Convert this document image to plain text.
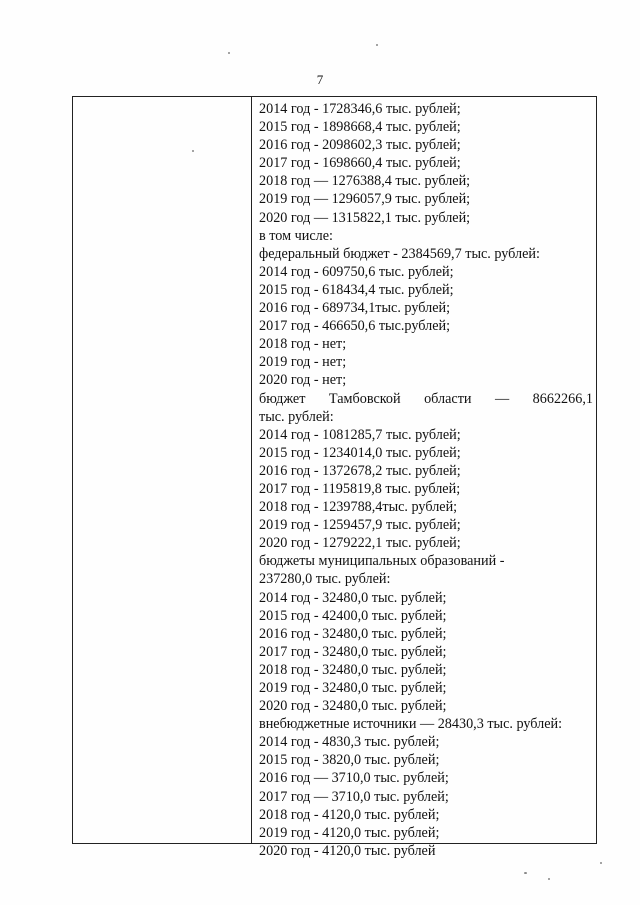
7
2014 год - 1728346,6 тыс. рублей;
2015 год - 1898668,4 тыс. рублей;
2016 год - 2098602,3 тыс. рублей;
2017 год - 1698660,4 тыс. рублей;
2018 год — 1276388,4 тыс. рублей;
2019 год — 1296057,9 тыс. рублей;
2020 год — 1315822,1 тыс. рублей;
в том числе:
федеральный бюджет - 2384569,7 тыс. рублей:
2014 год - 609750,6 тыс. рублей;
2015 год - 618434,4 тыс. рублей;
2016 год - 689734,1тыс. рублей;
2017 год - 466650,6 тыс.рублей;
2018 год - нет;
2019 год - нет;
2020 год - нет;
бюджет Тамбовской области — 8662266,1
тыс. рублей:
2014 год - 1081285,7 тыс. рублей;
2015 год - 1234014,0 тыс. рублей;
2016 год - 1372678,2 тыс. рублей;
2017 год - 1195819,8 тыс. рублей;
2018 год - 1239788,4тыс. рублей;
2019 год - 1259457,9 тыс. рублей;
2020 год - 1279222,1 тыс. рублей;
бюджеты муниципальных образований -
237280,0 тыс. рублей:
2014 год - 32480,0 тыс. рублей;
2015 год - 42400,0 тыс. рублей;
2016 год - 32480,0 тыс. рублей;
2017 год - 32480,0 тыс. рублей;
2018 год - 32480,0 тыс. рублей;
2019 год - 32480,0 тыс. рублей;
2020 год - 32480,0 тыс. рублей;
внебюджетные источники — 28430,3 тыс. рублей:
2014 год - 4830,3 тыс. рублей;
2015 год - 3820,0 тыс. рублей;
2016 год — 3710,0 тыс. рублей;
2017 год — 3710,0 тыс. рублей;
2018 год - 4120,0 тыс. рублей;
2019 год - 4120,0 тыс. рублей;
2020 год - 4120,0 тыс. рублей
